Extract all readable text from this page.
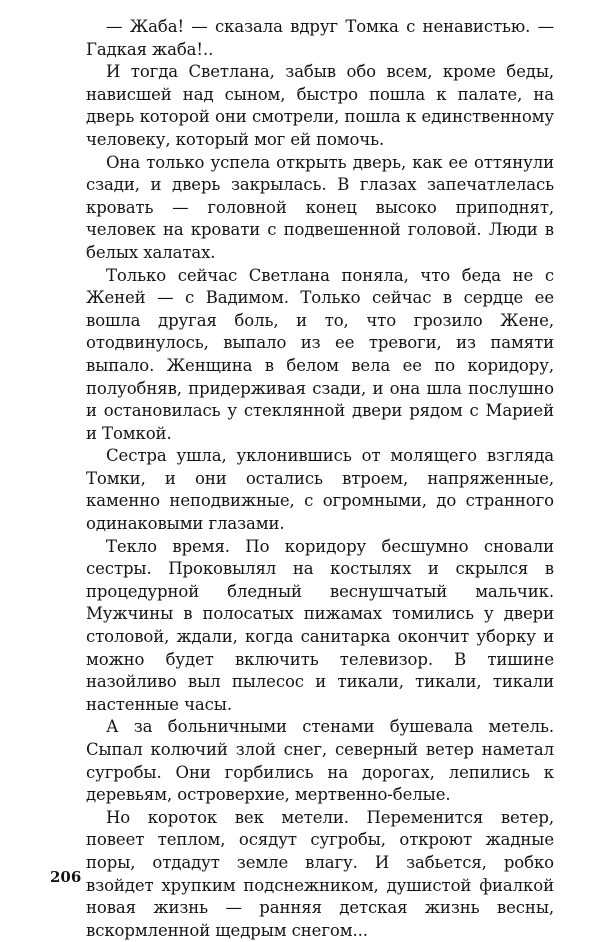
— Жаба! — сказала вдруг Томка с ненавистью. — Гадкая жаба!..

И тогда Светлана, забыв обо всем, кроме беды, нависшей над сыном, быстро пошла к палате, на дверь которой они смотрели, пошла к единственному человеку, который мог ей помочь.

Она только успела открыть дверь, как ее оттянули сзади, и дверь закрылась. В глазах запечатлелась кровать — головной конец высоко приподнят, человек на кровати с подвешенной головой. Люди в белых халатах.

Только сейчас Светлана поняла, что беда не с Женей — с Вадимом. Только сейчас в сердце ее вошла другая боль, и то, что грозило Жене, отодвинулось, выпало из ее тревоги, из памяти выпало. Женщина в белом вела ее по коридору, полуобняв, придерживая сзади, и она шла послушно и остановилась у стеклянной двери рядом с Марией и Томкой.

Сестра ушла, уклонившись от молящего взгляда Томки, и они остались втроем, напряженные, каменно неподвижные, с огромными, до странного одинаковыми глазами.

Текло время. По коридору бесшумно сновали сестры. Проковылял на костылях и скрылся в процедурной бледный веснушчатый мальчик. Мужчины в полосатых пижамах томились у двери столовой, ждали, когда санитарка окончит уборку и можно будет включить телевизор. В тишине назойливо выл пылесос и тикали, тикали, тикали настенные часы.

А за больничными стенами бушевала метель. Сыпал колючий злой снег, северный ветер наметал сугробы. Они горбились на дорогах, лепились к деревьям, островерхие, мертвенно-белые.

Но короток век метели. Переменится ветер, повеет теплом, осядут сугробы, откроют жадные поры, отдадут земле влагу. И забьется, робко взойдет хрупким подснежником, душистой фиалкой новая жизнь — ранняя детская жизнь весны, вскормленной щедрым снегом...

206
